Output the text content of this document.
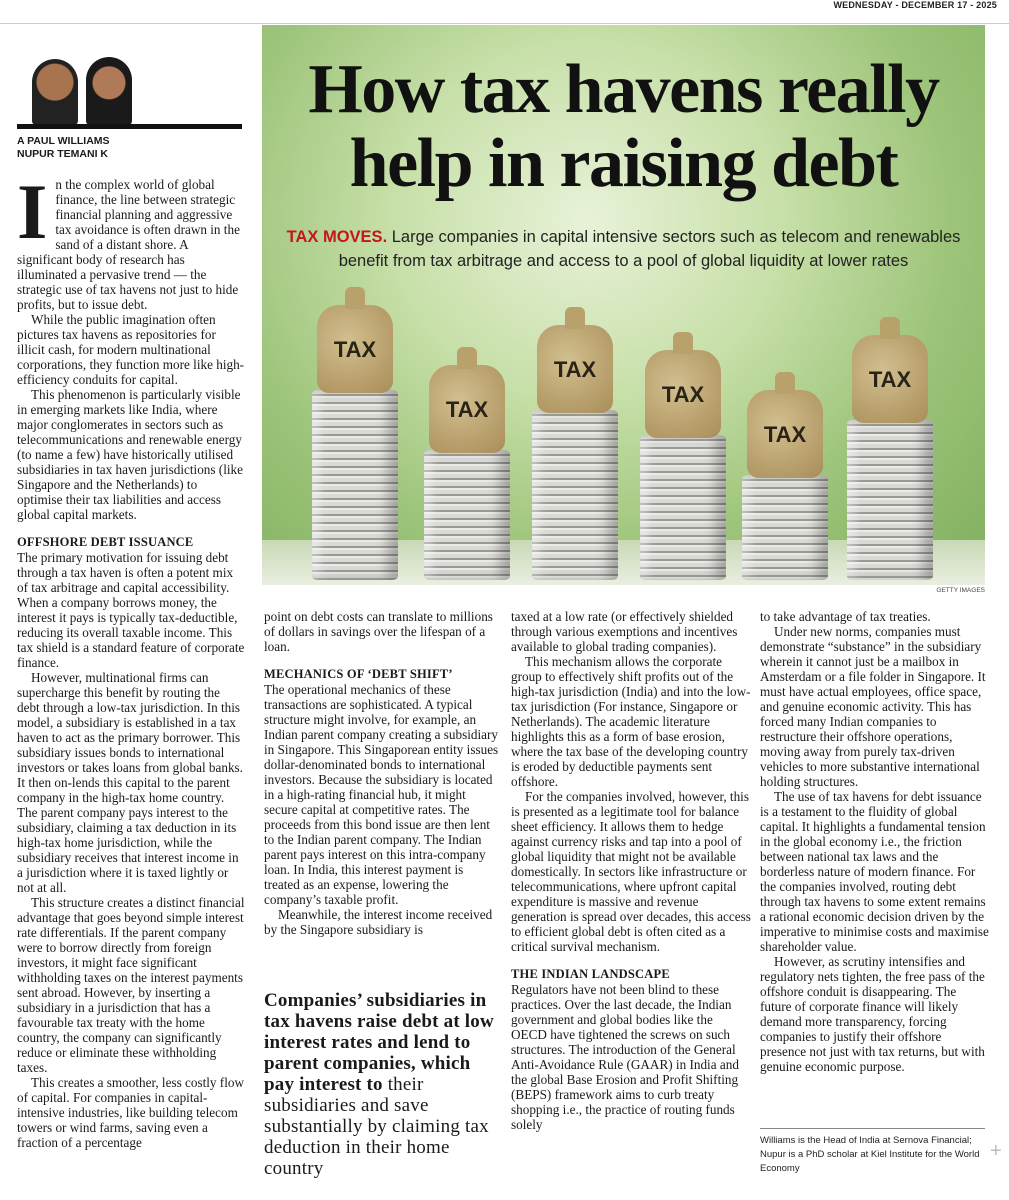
WEDNESDAY - DECEMBER 17 - 2025
A PAUL WILLIAMS
NUPUR TEMANI K

In the complex world of global finance, the line between strategic financial planning and aggressive tax avoidance is often drawn in the sand of a distant shore. A significant body of research has illuminated a pervasive trend — the strategic use of tax havens not just to hide profits, but to issue debt.

While the public imagination often pictures tax havens as repositories for illicit cash, for modern multinational corporations, they function more like high-efficiency conduits for capital.

This phenomenon is particularly visible in emerging markets like India, where major conglomerates in sectors such as telecommunications and renewable energy (to name a few) have historically utilised subsidiaries in tax haven jurisdictions (like Singapore and the Netherlands) to optimise their tax liabilities and access global capital markets.

OFFSHORE DEBT ISSUANCE

The primary motivation for issuing debt through a tax haven is often a potent mix of tax arbitrage and capital accessibility. When a company borrows money, the interest it pays is typically tax-deductible, reducing its overall taxable income. This tax shield is a standard feature of corporate finance.

However, multinational firms can supercharge this benefit by routing the debt through a low-tax jurisdiction. In this model, a subsidiary is established in a tax haven to act as the primary borrower. This subsidiary issues bonds to international investors or takes loans from global banks. It then on-lends this capital to the parent company in the high-tax home country. The parent company pays interest to the subsidiary, claiming a tax deduction in its high-tax home jurisdiction, while the subsidiary receives that interest income in a jurisdiction where it is taxed lightly or not at all.

This structure creates a distinct financial advantage that goes beyond simple interest rate differentials. If the parent company were to borrow directly from foreign investors, it might face significant withholding taxes on the interest payments sent abroad. However, by inserting a subsidiary in a jurisdiction that has a favourable tax treaty with the home country, the company can significantly reduce or eliminate these withholding taxes.

This creates a smoother, less costly flow of capital. For companies in capital-intensive industries, like building telecom towers or wind farms, saving even a fraction of a percentage

TAX
TAX
TAX
TAX
TAX
TAX
How tax havens really
help in raising debt
TAX MOVES. Large companies in capital intensive sectors such as telecom and renewables benefit from tax arbitrage and access to a pool of global liquidity at lower rates
GETTY IMAGES

point on debt costs can translate to millions of dollars in savings over the lifespan of a loan.

MECHANICS OF ‘DEBT SHIFT’

The operational mechanics of these transactions are sophisticated. A typical structure might involve, for example, an Indian parent company creating a subsidiary in Singapore. This Singaporean entity issues dollar-denominated bonds to international investors. Because the subsidiary is located in a high-rating financial hub, it might secure capital at competitive rates. The proceeds from this bond issue are then lent to the Indian parent company. The Indian parent pays interest on this intra-company loan. In India, this interest payment is treated as an expense, lowering the company’s taxable profit.

Meanwhile, the interest income received by the Singapore subsidiary is

Companies’ subsidiaries in tax havens raise debt at low interest rates and lend to parent companies, which pay interest to their subsidiaries and save substantially by claiming tax deduction in their home country

taxed at a low rate (or effectively shielded through various exemptions and incentives available to global trading companies).

This mechanism allows the corporate group to effectively shift profits out of the high-tax jurisdiction (India) and into the low-tax jurisdiction (For instance, Singapore or Netherlands). The academic literature highlights this as a form of base erosion, where the tax base of the developing country is eroded by deductible payments sent offshore.

For the companies involved, however, this is presented as a legitimate tool for balance sheet efficiency. It allows them to hedge against currency risks and tap into a pool of global liquidity that might not be available domestically. In sectors like infrastructure or telecommunications, where upfront capital expenditure is massive and revenue generation is spread over decades, this access to efficient global debt is often cited as a critical survival mechanism.

THE INDIAN LANDSCAPE

Regulators have not been blind to these practices. Over the last decade, the Indian government and global bodies like the OECD have tightened the screws on such structures. The introduction of the General Anti-Avoidance Rule (GAAR) in India and the global Base Erosion and Profit Shifting (BEPS) framework aims to curb treaty shopping i.e., the practice of routing funds solely

to take advantage of tax treaties.

Under new norms, companies must demonstrate “substance” in the subsidiary wherein it cannot just be a mailbox in Amsterdam or a file folder in Singapore. It must have actual employees, office space, and genuine economic activity. This has forced many Indian companies to restructure their offshore operations, moving away from purely tax-driven vehicles to more substantive international holding structures.

The use of tax havens for debt issuance is a testament to the fluidity of global capital. It highlights a fundamental tension in the global economy i.e., the friction between national tax laws and the borderless nature of modern finance. For the companies involved, routing debt through tax havens to some extent remains a rational economic decision driven by the imperative to minimise costs and maximise shareholder value.

However, as scrutiny intensifies and regulatory nets tighten, the free pass of the offshore conduit is disappearing. The future of corporate finance will likely demand more transparency, forcing companies to justify their offshore presence not just with tax returns, but with genuine economic purpose.

Williams is the Head of India at Sernova Financial; Nupur is a PhD scholar at Kiel Institute for the World Economy
+
